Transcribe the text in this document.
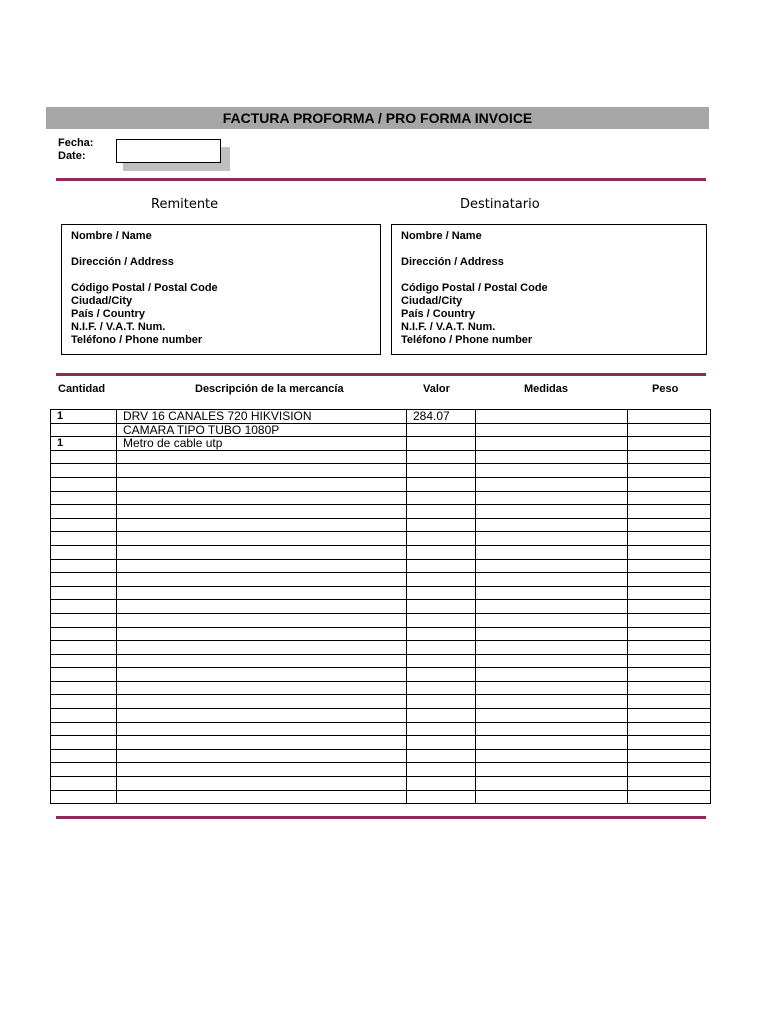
FACTURA PROFORMA / PRO FORMA INVOICE
Fecha:
Date:
Remitente	Destinatario
Nombre / Name
Dirección / Address
Código Postal / Postal Code
Ciudad/City
País / Country
N.I.F. / V.A.T. Num.
Teléfono / Phone number
Nombre / Name
Dirección / Address
Código Postal / Postal Code
Ciudad/City
País / Country
N.I.F. / V.A.T. Num.
Teléfono / Phone number
Cantidad	Descripción de la mercancía	Valor	Medidas	Peso
1	DRV 16 CANALES 720 HIKVISION	284.07		
	CAMARA TIPO TUBO 1080P			
1	Metro de cable utp			
